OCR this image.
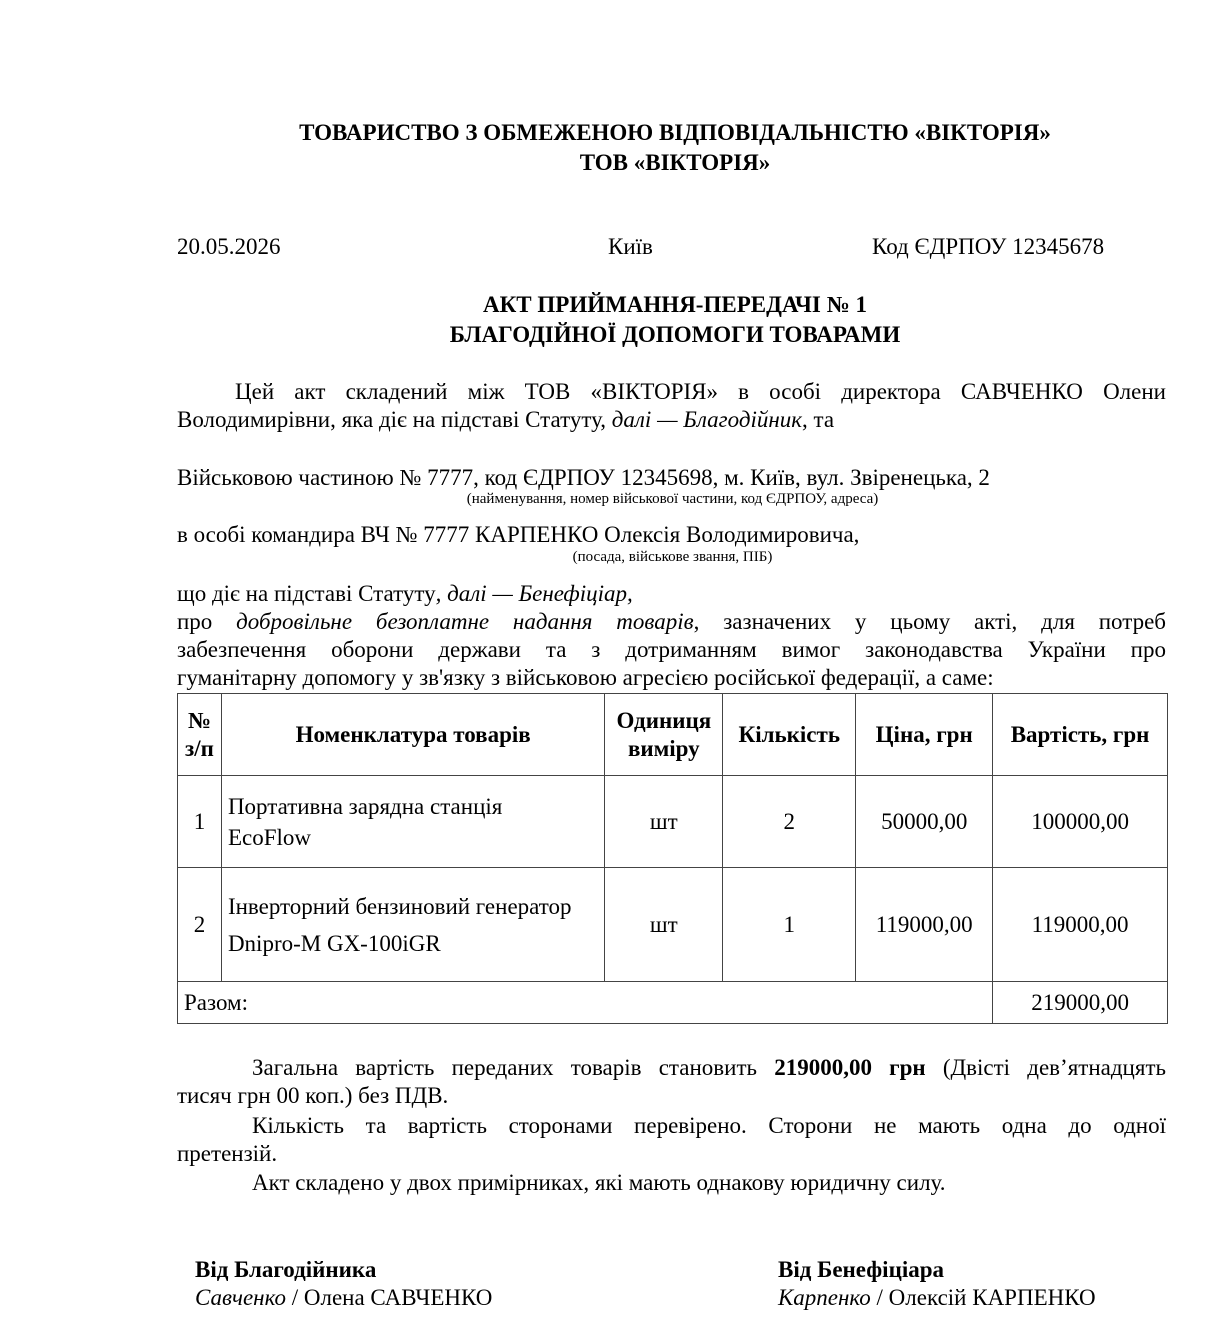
ТОВАРИСТВО З ОБМЕЖЕНОЮ ВІДПОВІДАЛЬНІСТЮ «ВІКТОРІЯ»
ТОВ «ВІКТОРІЯ»
20.05.2026	Київ	Код ЄДРПОУ 12345678
АКТ ПРИЙМАННЯ-ПЕРЕДАЧІ № 1
БЛАГОДІЙНОЇ ДОПОМОГИ ТОВАРАМИ
Цей акт складений між ТОВ «ВІКТОРІЯ» в особі директора САВЧЕНКО Олени
Володимирівни, яка діє на підставі Статуту, далі — Благодійник, та
Військовою частиною № 7777, код ЄДРПОУ 12345698, м. Київ, вул. Звіренецька, 2
(найменування, номер військової частини, код ЄДРПОУ, адреса)
в особі командира ВЧ № 7777 КАРПЕНКО Олексія Володимировича,
(посада, військове звання, ПІБ)
що діє на підставі Статуту, далі — Бенефіціар,
про добровільне безоплатне надання товарів, зазначених у цьому акті, для потреб
забезпечення оборони держави та з дотриманням вимог законодавства України про
гуманітарну допомогу у зв'язку з військовою агресією російської федерації, а саме:
№ з/п	Номенклатура товарів	Одиниця виміру	Кількість	Ціна, грн	Вартість, грн
1	Портативна зарядна станція EcoFlow	шт	2	50000,00	100000,00
2	Інверторний бензиновий генератор Dnipro-M GX-100iGR	шт	1	119000,00	119000,00
Разом:					219000,00
Загальна вартість переданих товарів становить 219000,00 грн (Двісті дев’ятнадцять
тисяч грн 00 коп.) без ПДВ.
Кількість та вартість сторонами перевірено. Сторони не мають одна до одної
претензій.
Акт складено у двох примірниках, які мають однакову юридичну силу.
Від Благодійника
Савченко / Олена САВЧЕНКО
Від Бенефіціара
Карпенко / Олексій КАРПЕНКО
